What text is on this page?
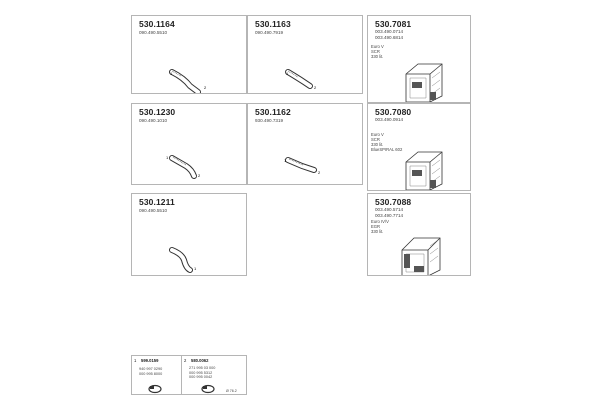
530.1164
090.490.5510
1
2
530.1163
090.490.7919
1
2
530.7081
003.490.0714
003.490.6814
Euro V
SCR
330 lit.
530.1230
090.490.1010
1
2
530.1162
930.490.7319
1
2
530.7080
003.490.0914
Euro V
SCR
330 lit.
BlueSPIRAL 602
530.1211
090.490.5510
1
530.7088
003.490.5714
003.490.7714
Euro IV/V
EGR
330 lit.
1 599.0159
940 997 0290
000 995 8000
2 580.0062
271 995 03 000
000 995 5312
000 995 0042
Ø 76.2
